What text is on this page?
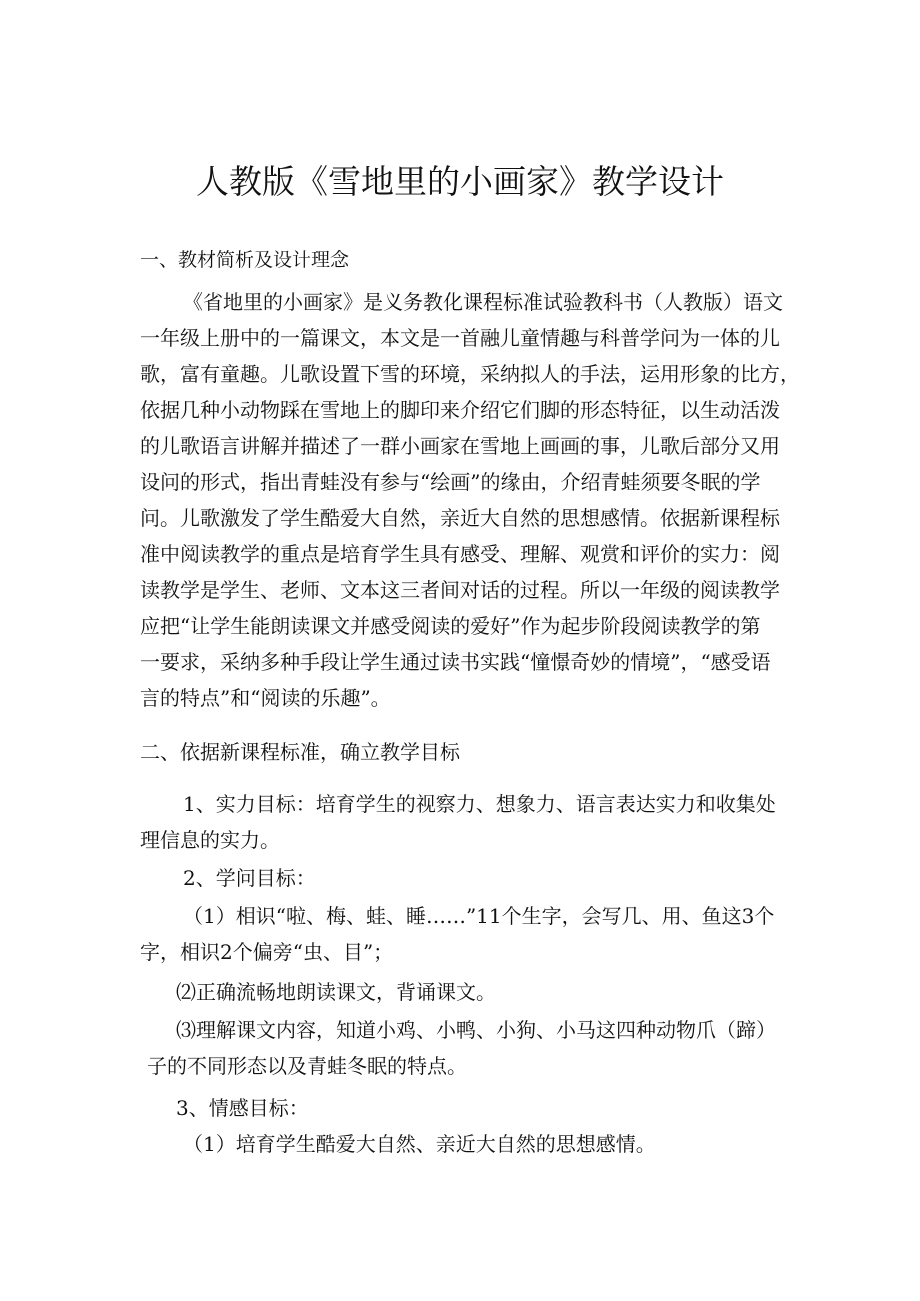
人教版《雪地里的小画家》教学设计
一、教材简析及设计理念
《省地里的小画家》是义务教化课程标准试验教科书（人教版）语文
一年级上册中的一篇课文，本文是一首融儿童情趣与科普学问为一体的儿
歌，富有童趣。儿歌设置下雪的环境，采纳拟人的手法，运用形象的比方，
依据几种小动物踩在雪地上的脚印来介绍它们脚的形态特征，以生动活泼
的儿歌语言讲解并描述了一群小画家在雪地上画画的事，儿歌后部分又用
设问的形式，指出青蛙没有参与“绘画”的缘由，介绍青蛙须要冬眠的学
问。儿歌激发了学生酷爱大自然，亲近大自然的思想感情。依据新课程标
准中阅读教学的重点是培育学生具有感受、理解、观赏和评价的实力：阅
读教学是学生、老师、文本这三者间对话的过程。所以一年级的阅读教学
应把“让学生能朗读课文并感受阅读的爱好”作为起步阶段阅读教学的第
一要求，采纳多种手段让学生通过读书实践“憧憬奇妙的情境”，“感受语
言的特点”和“阅读的乐趣”。
二、依据新课程标准，确立教学目标
1、实力目标：培育学生的视察力、想象力、语言表达实力和收集处
理信息的实力。
2、学问目标：
（1）相识“啦、梅、蛙、睡……”11个生字，会写几、用、鱼这3个
字，相识2个偏旁“虫、目”；
⑵正确流畅地朗读课文，背诵课文。
⑶理解课文内容，知道小鸡、小鸭、小狗、小马这四种动物爪（蹄）
子的不同形态以及青蛙冬眠的特点。
3、情感目标：
（1）培育学生酷爱大自然、亲近大自然的思想感情。
